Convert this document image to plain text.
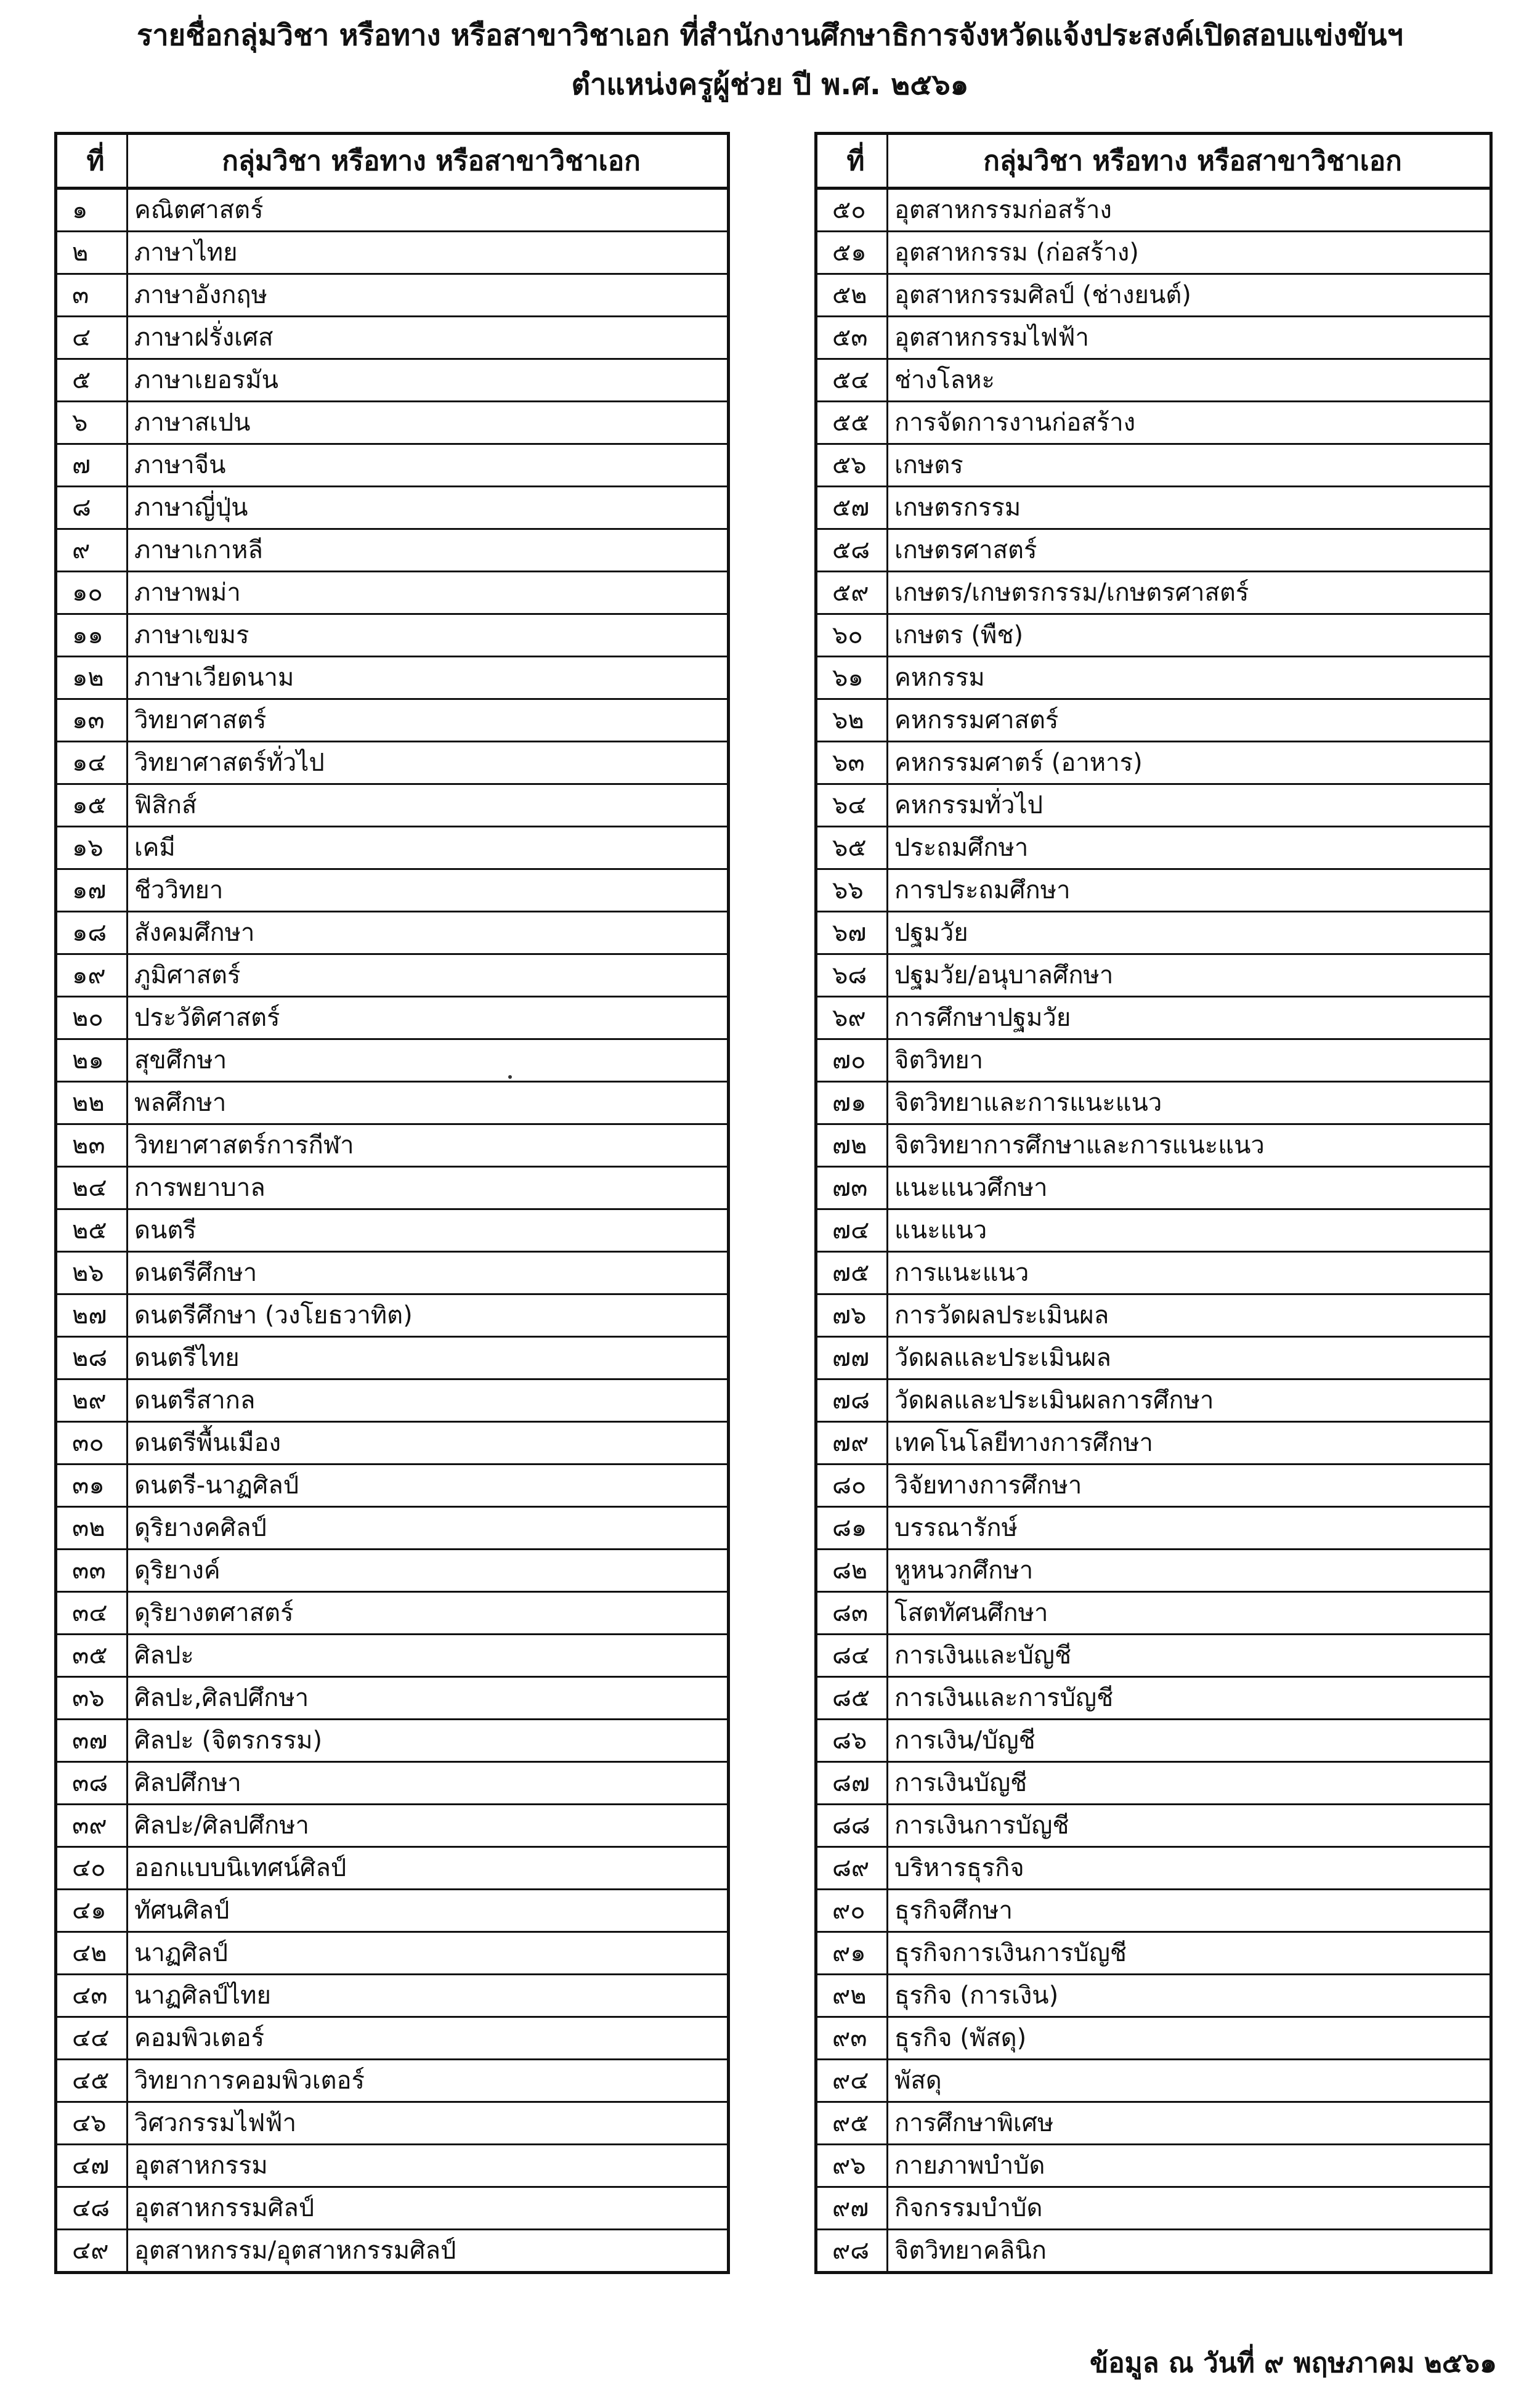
รายชื่อกลุ่มวิชา หรือทาง หรือสาขาวิชาเอก ที่สำนักงานศึกษาธิการจังหวัดแจ้งประสงค์เปิดสอบแข่งขันฯ
ตำแหน่งครูผู้ช่วย ปี พ.ศ. ๒๕๖๑
ที่	กลุ่มวิชา หรือทาง หรือสาขาวิชาเอก
๑	คณิตศาสตร์
๒	ภาษาไทย
๓	ภาษาอังกฤษ
๔	ภาษาฝรั่งเศส
๕	ภาษาเยอรมัน
๖	ภาษาสเปน
๗	ภาษาจีน
๘	ภาษาญี่ปุ่น
๙	ภาษาเกาหลี
๑๐	ภาษาพม่า
๑๑	ภาษาเขมร
๑๒	ภาษาเวียดนาม
๑๓	วิทยาศาสตร์
๑๔	วิทยาศาสตร์ทั่วไป
๑๕	ฟิสิกส์
๑๖	เคมี
๑๗	ชีววิทยา
๑๘	สังคมศึกษา
๑๙	ภูมิศาสตร์
๒๐	ประวัติศาสตร์
๒๑	สุขศึกษา
๒๒	พลศึกษา
๒๓	วิทยาศาสตร์การกีฬา
๒๔	การพยาบาล
๒๕	ดนตรี
๒๖	ดนตรีศึกษา
๒๗	ดนตรีศึกษา (วงโยธวาทิต)
๒๘	ดนตรีไทย
๒๙	ดนตรีสากล
๓๐	ดนตรีพื้นเมือง
๓๑	ดนตรี-นาฏศิลป์
๓๒	ดุริยางคศิลป์
๓๓	ดุริยางค์
๓๔	ดุริยางตศาสตร์
๓๕	ศิลปะ
๓๖	ศิลปะ,ศิลปศึกษา
๓๗	ศิลปะ (จิตรกรรม)
๓๘	ศิลปศึกษา
๓๙	ศิลปะ/ศิลปศึกษา
๔๐	ออกแบบนิเทศน์ศิลป์
๔๑	ทัศนศิลป์
๔๒	นาฏศิลป์
๔๓	นาฏศิลป์ไทย
๔๔	คอมพิวเตอร์
๔๕	วิทยาการคอมพิวเตอร์
๔๖	วิศวกรรมไฟฟ้า
๔๗	อุตสาหกรรม
๔๘	อุตสาหกรรมศิลป์
๔๙	อุตสาหกรรม/อุตสาหกรรมศิลป์
ที่	กลุ่มวิชา หรือทาง หรือสาขาวิชาเอก
๕๐	อุตสาหกรรมก่อสร้าง
๕๑	อุตสาหกรรม (ก่อสร้าง)
๕๒	อุตสาหกรรมศิลป์ (ช่างยนต์)
๕๓	อุตสาหกรรมไฟฟ้า
๕๔	ช่างโลหะ
๕๕	การจัดการงานก่อสร้าง
๕๖	เกษตร
๕๗	เกษตรกรรม
๕๘	เกษตรศาสตร์
๕๙	เกษตร/เกษตรกรรม/เกษตรศาสตร์
๖๐	เกษตร (พืช)
๖๑	คหกรรม
๖๒	คหกรรมศาสตร์
๖๓	คหกรรมศาตร์ (อาหาร)
๖๔	คหกรรมทั่วไป
๖๕	ประถมศึกษา
๖๖	การประถมศึกษา
๖๗	ปฐมวัย
๖๘	ปฐมวัย/อนุบาลศึกษา
๖๙	การศึกษาปฐมวัย
๗๐	จิตวิทยา
๗๑	จิตวิทยาและการแนะแนว
๗๒	จิตวิทยาการศึกษาและการแนะแนว
๗๓	แนะแนวศึกษา
๗๔	แนะแนว
๗๕	การแนะแนว
๗๖	การวัดผลประเมินผล
๗๗	วัดผลและประเมินผล
๗๘	วัดผลและประเมินผลการศึกษา
๗๙	เทคโนโลยีทางการศึกษา
๘๐	วิจัยทางการศึกษา
๘๑	บรรณารักษ์
๘๒	หูหนวกศึกษา
๘๓	โสตทัศนศึกษา
๘๔	การเงินและบัญชี
๘๕	การเงินและการบัญชี
๘๖	การเงิน/บัญชี
๘๗	การเงินบัญชี
๘๘	การเงินการบัญชี
๘๙	บริหารธุรกิจ
๙๐	ธุรกิจศึกษา
๙๑	ธุรกิจการเงินการบัญชี
๙๒	ธุรกิจ (การเงิน)
๙๓	ธุรกิจ (พัสดุ)
๙๔	พัสดุ
๙๕	การศึกษาพิเศษ
๙๖	กายภาพบำบัด
๙๗	กิจกรรมบำบัด
๙๘	จิตวิทยาคลินิก
ข้อมูล ณ วันที่ ๙ พฤษภาคม ๒๕๖๑
